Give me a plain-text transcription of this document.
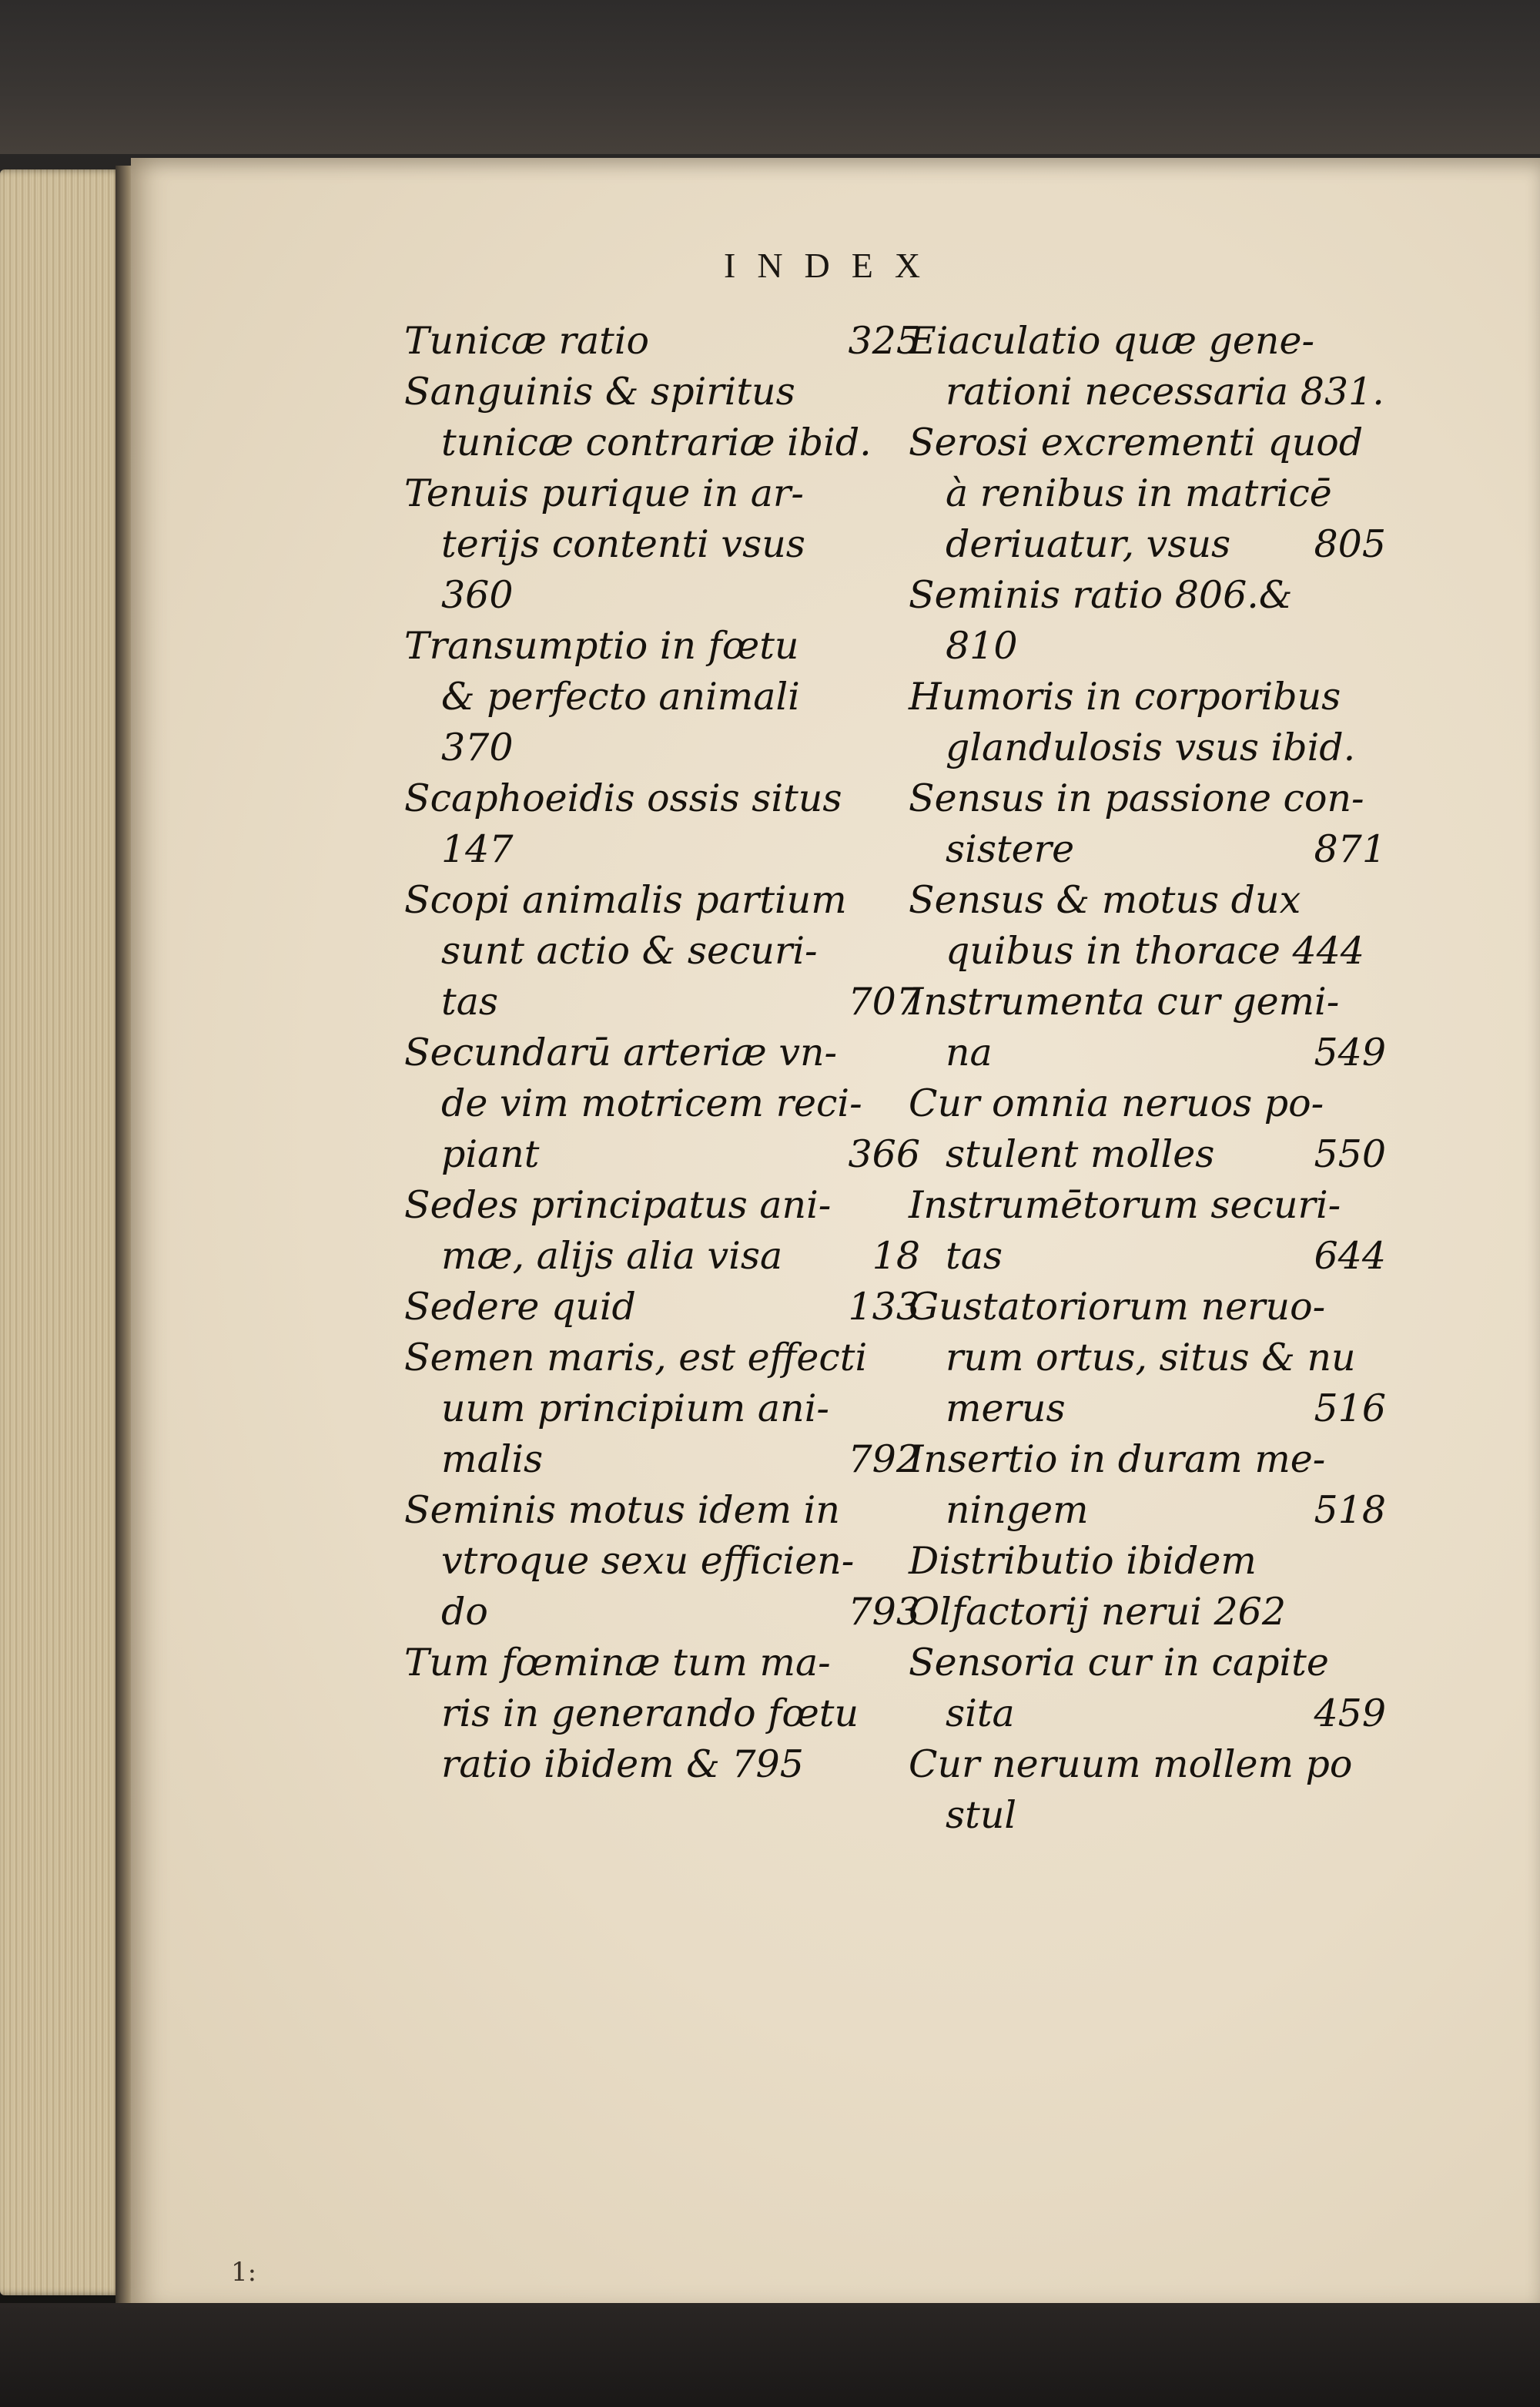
INDEX
Tunicæ ratio	325
Sanguinis & spiritus
tunicæ contrariæ ibid.
Tenuis purique in ar-
terijs contenti vsus
360
Transumptio in fœtu
& perfecto animali
370
Scaphoeidis ossis situs
147
Scopi animalis partium
sunt actio & securi-
tas	707
Secundarū arteriæ vn-
de vim motricem reci-
piant	366
Sedes principatus ani-
mæ, alijs alia visa 18
Sedere quid	133
Semen maris, est effecti
uum principium ani-
malis	792
Seminis motus idem in
vtroque sexu efficien-
do	793
Tum fœminæ tum ma-
ris in generando fœtu
ratio ibidem & 795
Eiaculatio quæ gene-
rationi necessaria 831.
Serosi excrementi quod
à renibus in matricē
deriuatur, vsus 805
Seminis ratio 806.&
810
Humoris in corporibus
glandulosis vsus ibid.
Sensus in passione con-
sistere	871
Sensus & motus dux
quibus in thorace 444
Instrumenta cur gemi-
na	549
Cur omnia neruos po-
stulent molles	550
Instrumētorum securi-
tas	644
Gustatoriorum neruo-
rum ortus, situs & nu
merus	516
Insertio in duram me-
ningem	518
Distributio ibidem
Olfactorij nerui 262
Sensoria cur in capite
sita	459
Cur neruum mollem po
stul
1:
